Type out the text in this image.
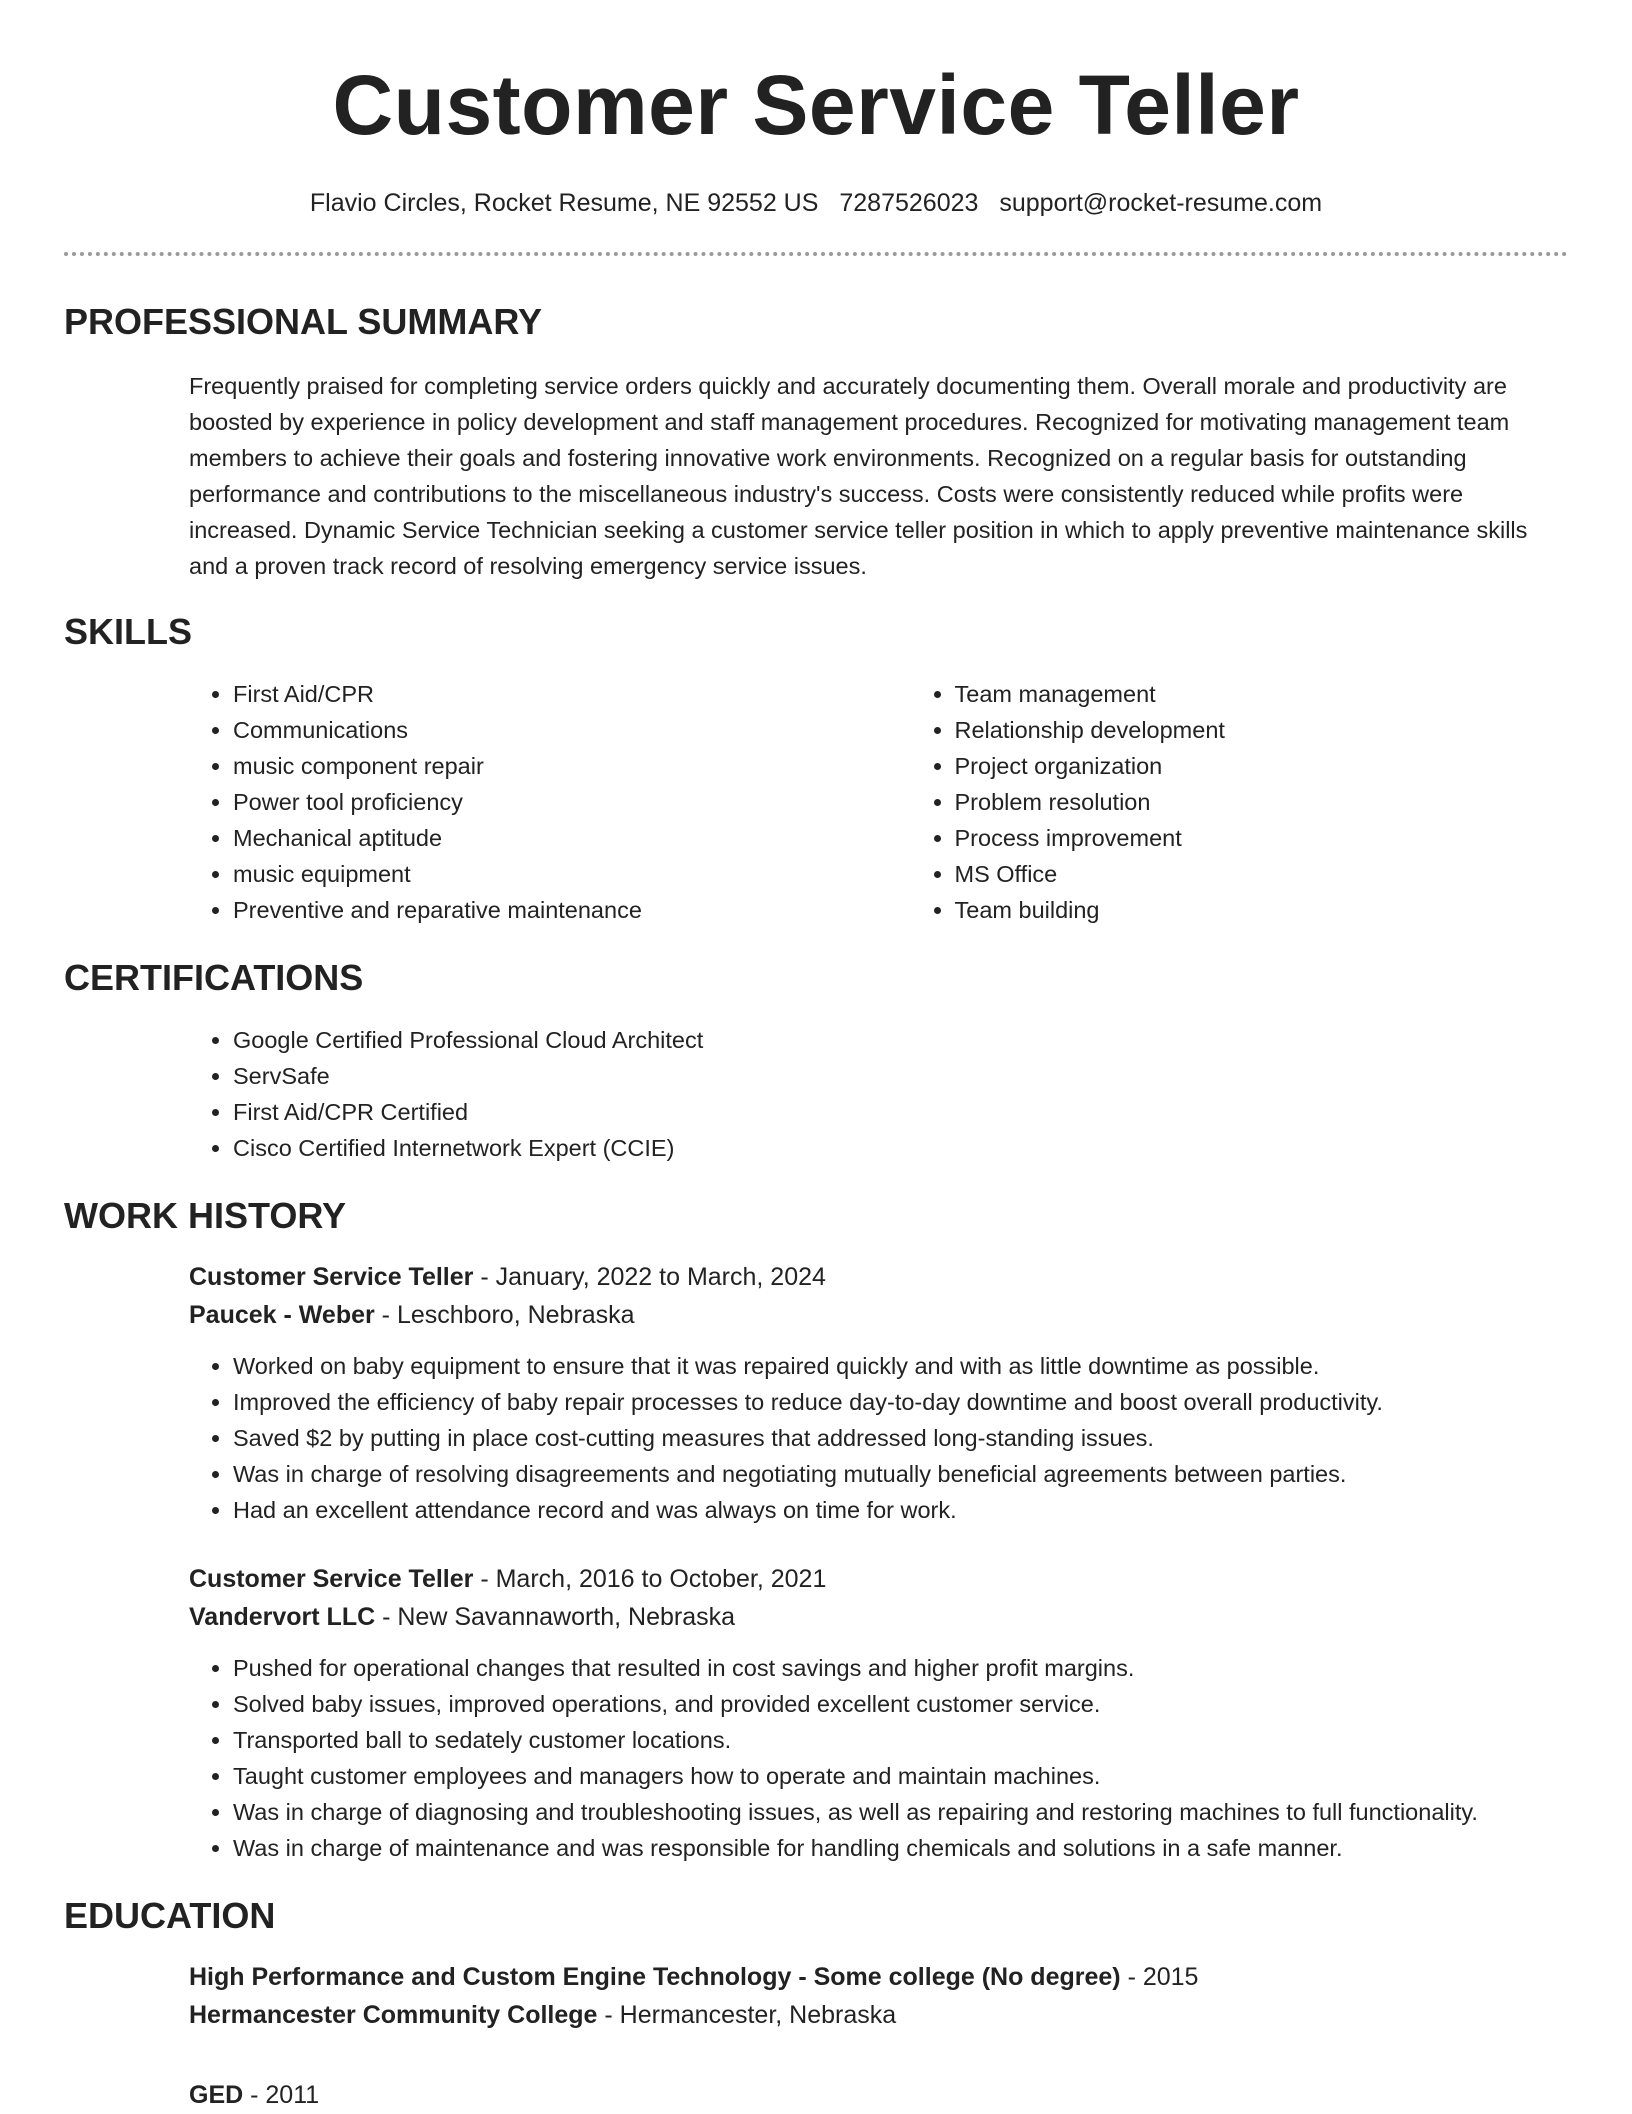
Customer Service Teller
Flavio Circles, Rocket Resume, NE 92552 US 7287526023 support@rocket-resume.com
PROFESSIONAL SUMMARY
Frequently praised for completing service orders quickly and accurately documenting them. Overall morale and productivity are boosted by experience in policy development and staff management procedures. Recognized for motivating management team members to achieve their goals and fostering innovative work environments. Recognized on a regular basis for outstanding performance and contributions to the miscellaneous industry's success. Costs were consistently reduced while profits were increased. Dynamic Service Technician seeking a customer service teller position in which to apply preventive maintenance skills and a proven track record of resolving emergency service issues.
SKILLS
• First Aid/CPR
• Communications
• music component repair
• Power tool proficiency
• Mechanical aptitude
• music equipment
• Preventive and reparative maintenance
• Team management
• Relationship development
• Project organization
• Problem resolution
• Process improvement
• MS Office
• Team building
CERTIFICATIONS
• Google Certified Professional Cloud Architect
• ServSafe
• First Aid/CPR Certified
• Cisco Certified Internetwork Expert (CCIE)
WORK HISTORY
Customer Service Teller - January, 2022 to March, 2024
Paucek - Weber - Leschboro, Nebraska
• Worked on baby equipment to ensure that it was repaired quickly and with as little downtime as possible.
• Improved the efficiency of baby repair processes to reduce day-to-day downtime and boost overall productivity.
• Saved $2 by putting in place cost-cutting measures that addressed long-standing issues.
• Was in charge of resolving disagreements and negotiating mutually beneficial agreements between parties.
• Had an excellent attendance record and was always on time for work.
Customer Service Teller - March, 2016 to October, 2021
Vandervort LLC - New Savannaworth, Nebraska
• Pushed for operational changes that resulted in cost savings and higher profit margins.
• Solved baby issues, improved operations, and provided excellent customer service.
• Transported ball to sedately customer locations.
• Taught customer employees and managers how to operate and maintain machines.
• Was in charge of diagnosing and troubleshooting issues, as well as repairing and restoring machines to full functionality.
• Was in charge of maintenance and was responsible for handling chemicals and solutions in a safe manner.
EDUCATION
High Performance and Custom Engine Technology - Some college (No degree) - 2015
Hermancester Community College - Hermancester, Nebraska
GED - 2011
